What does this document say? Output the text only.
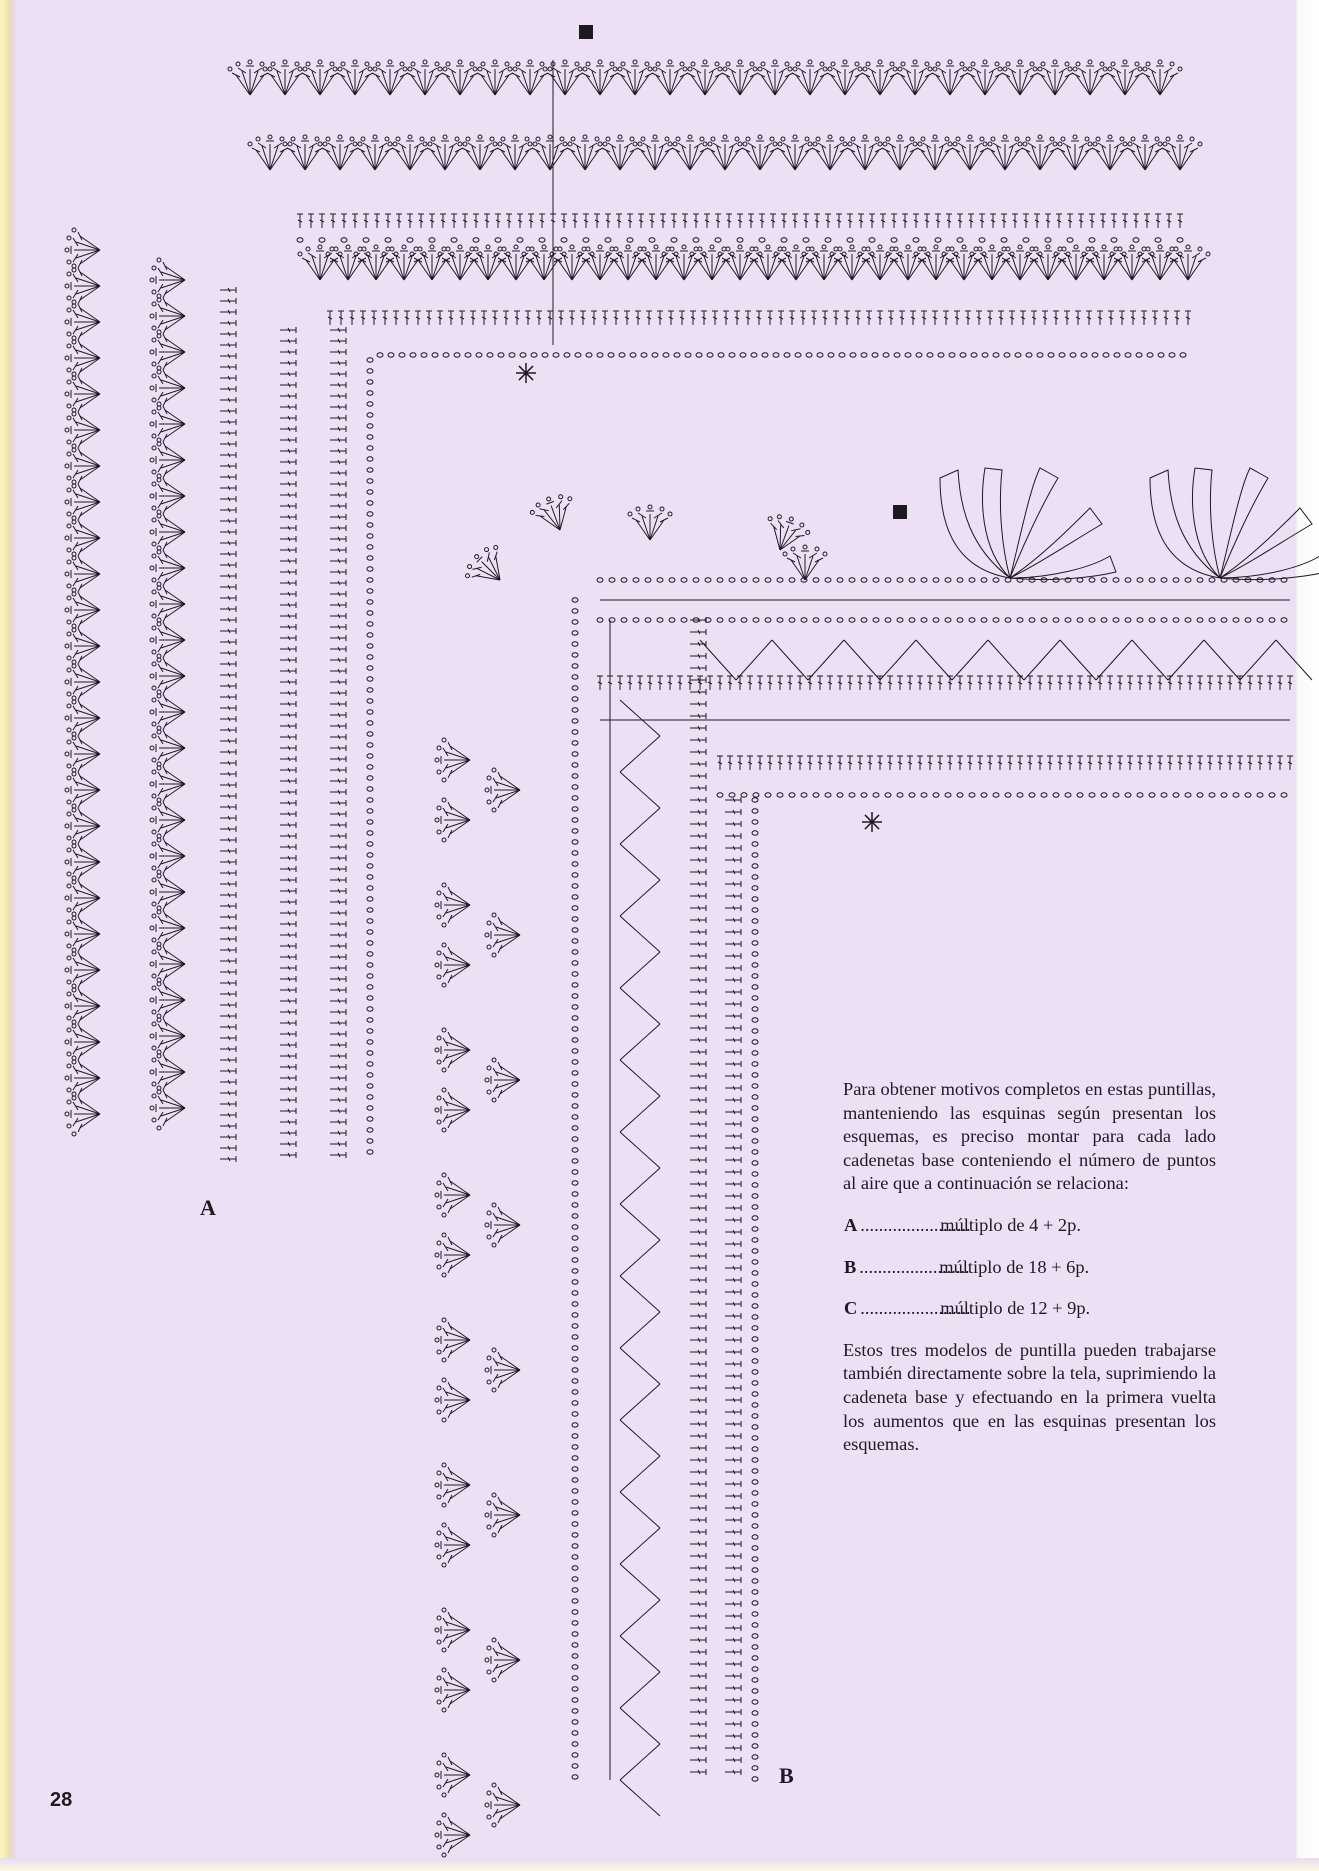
A
B

Para obtener motivos completos en estas puntillas, manteniendo las esquinas según presentan los esquemas, es preciso montar para cada lado cadenetas base conteniendo el número de puntos al aire que a continuación se relaciona:

A ........................
múltiplo de 4 + 2p.
B ........................
múltiplo de 18 + 6p.
C ........................
múltiplo de 12 + 9p.

Estos tres modelos de puntilla pueden trabajarse también directamente sobre la tela, suprimiendo la cadeneta base y efectuando en la primera vuelta los aumentos que en las esquinas presentan los esquemas.

28
